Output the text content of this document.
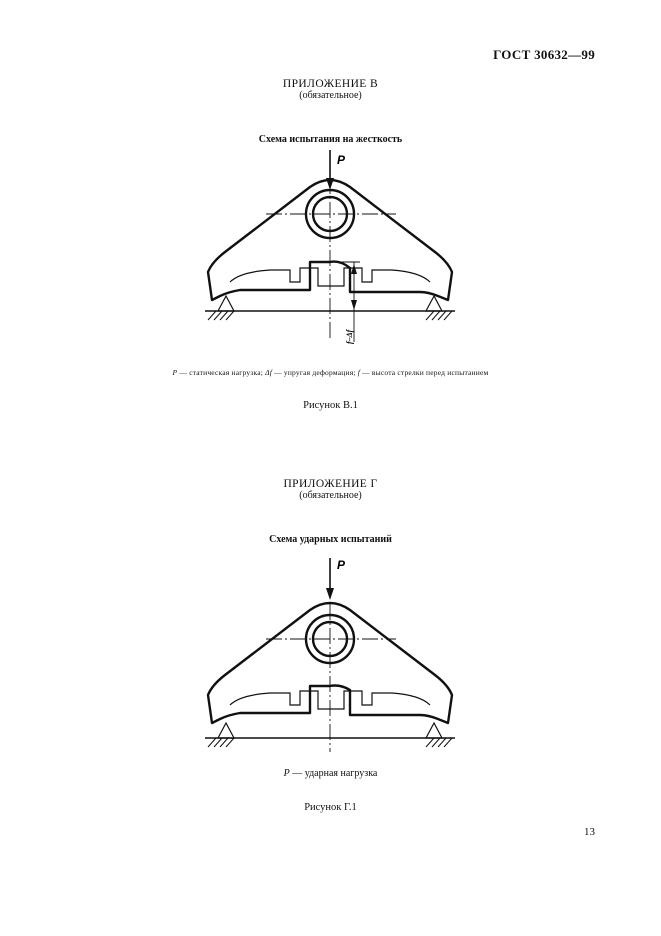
ГОСТ 30632—99
ПРИЛОЖЕНИЕ В
(обязательное)
Схема испытания на жесткость
P
f–Δf
P
P — статическая нагрузка; Δf — упругая деформация; f — высота стрелки перед испытанием
Рисунок В.1
ПРИЛОЖЕНИЕ Г
(обязательное)
Схема ударных испытаний
P — ударная нагрузка
Рисунок Г.1
13
